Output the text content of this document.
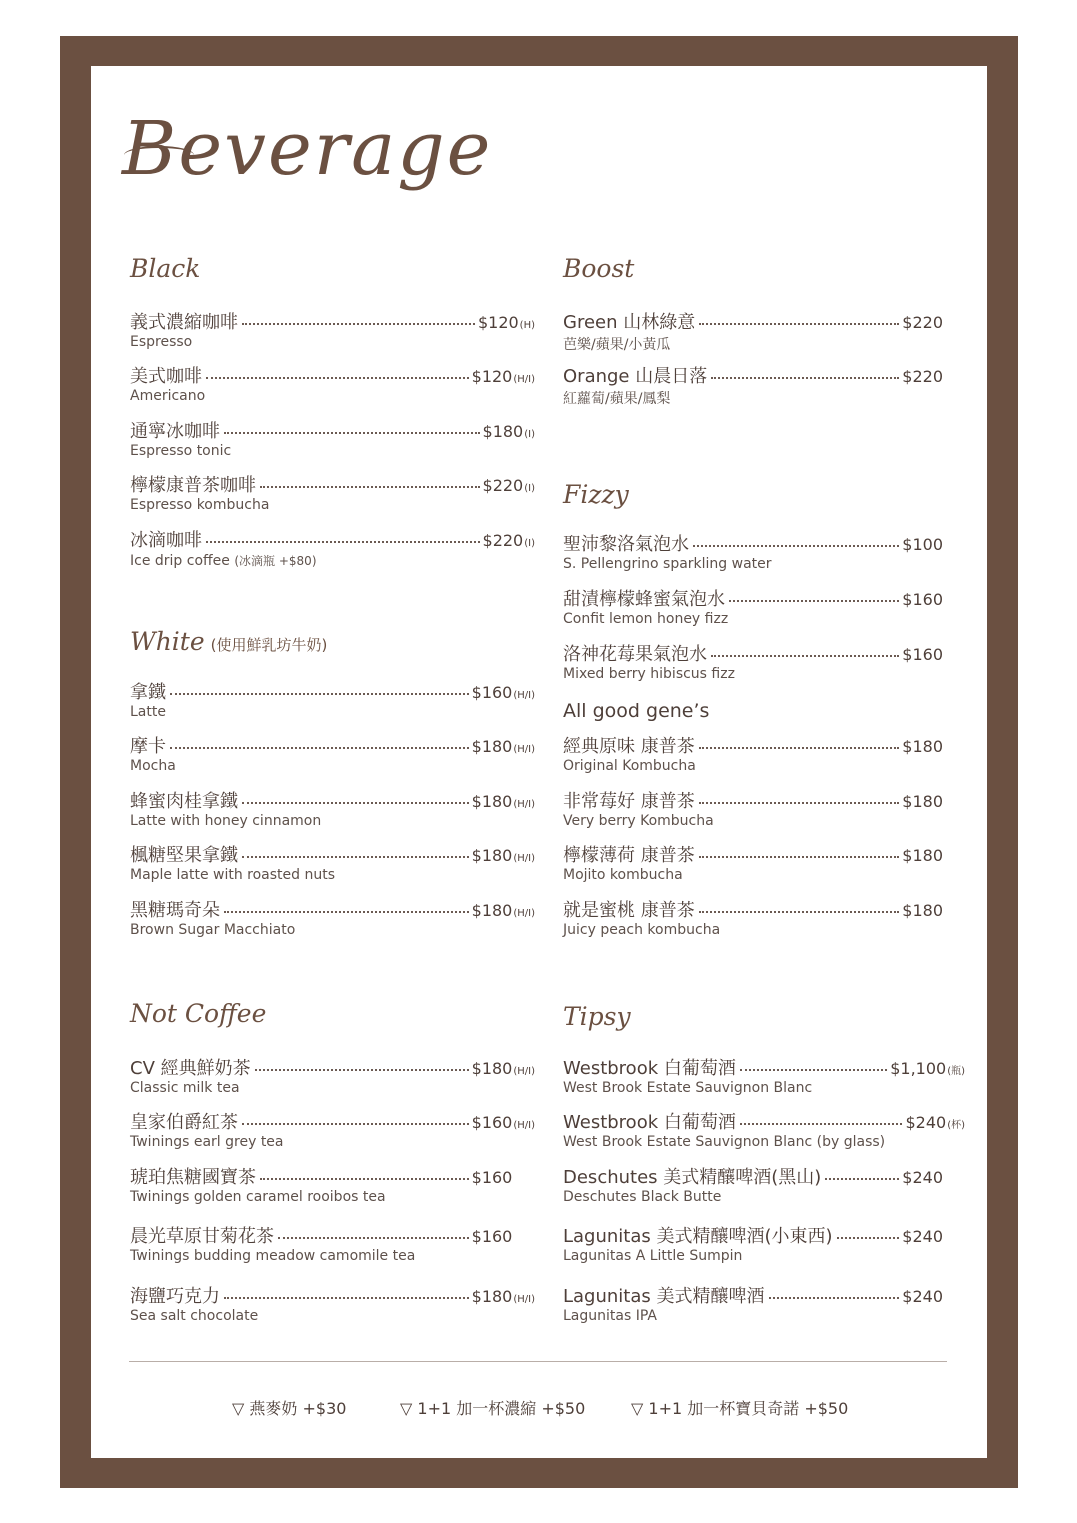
Beverage
Black
義式濃縮咖啡	$120 (H)
Espresso
美式咖啡	$120 (H/I)
Americano
通寧冰咖啡	$180 (I)
Espresso tonic
檸檬康普茶咖啡	$220 (I)
Espresso kombucha
冰滴咖啡	$220 (I)
Ice drip coffee (冰滴瓶 +$80)
White (使用鮮乳坊牛奶)
拿鐵	$160 (H/I)
Latte
摩卡	$180 (H/I)
Mocha
蜂蜜肉桂拿鐵	$180 (H/I)
Latte with honey cinnamon
楓糖堅果拿鐵	$180 (H/I)
Maple latte with roasted nuts
黑糖瑪奇朵	$180 (H/I)
Brown Sugar Macchiato
Not Coffee
CV 經典鮮奶茶	$180 (H/I)
Classic milk tea
皇家伯爵紅茶	$160 (H/I)
Twinings earl grey tea
琥珀焦糖國寶茶	$160
Twinings golden caramel rooibos tea
晨光草原甘菊花茶	$160
Twinings budding meadow camomile tea
海鹽巧克力	$180 (H/I)
Sea salt chocolate
Boost
Green 山林綠意	$220
芭樂/蘋果/小黃瓜
Orange 山晨日落	$220
紅蘿蔔/蘋果/鳳梨
Fizzy
聖沛黎洛氣泡水	$100
S. Pellengrino sparkling water
甜漬檸檬蜂蜜氣泡水	$160
Confit lemon honey fizz
洛神花莓果氣泡水	$160
Mixed berry hibiscus fizz
All good gene’s
經典原味 康普茶	$180
Original Kombucha
非常莓好 康普茶	$180
Very berry Kombucha
檸檬薄荷 康普茶	$180
Mojito kombucha
就是蜜桃 康普茶	$180
Juicy peach kombucha
Tipsy
Westbrook 白葡萄酒	$1,100 (瓶)
West Brook Estate Sauvignon Blanc
Westbrook 白葡萄酒	$240 (杯)
West Brook Estate Sauvignon Blanc (by glass)
Deschutes 美式精釀啤酒(黑山)	$240
Deschutes Black Butte
Lagunitas 美式精釀啤酒(小東西)	$240
Lagunitas A Little Sumpin
Lagunitas 美式精釀啤酒	$240
Lagunitas IPA
▽ 燕麥奶 +$30	▽ 1+1 加一杯濃縮 +$50	▽ 1+1 加一杯寶貝奇諾 +$50
